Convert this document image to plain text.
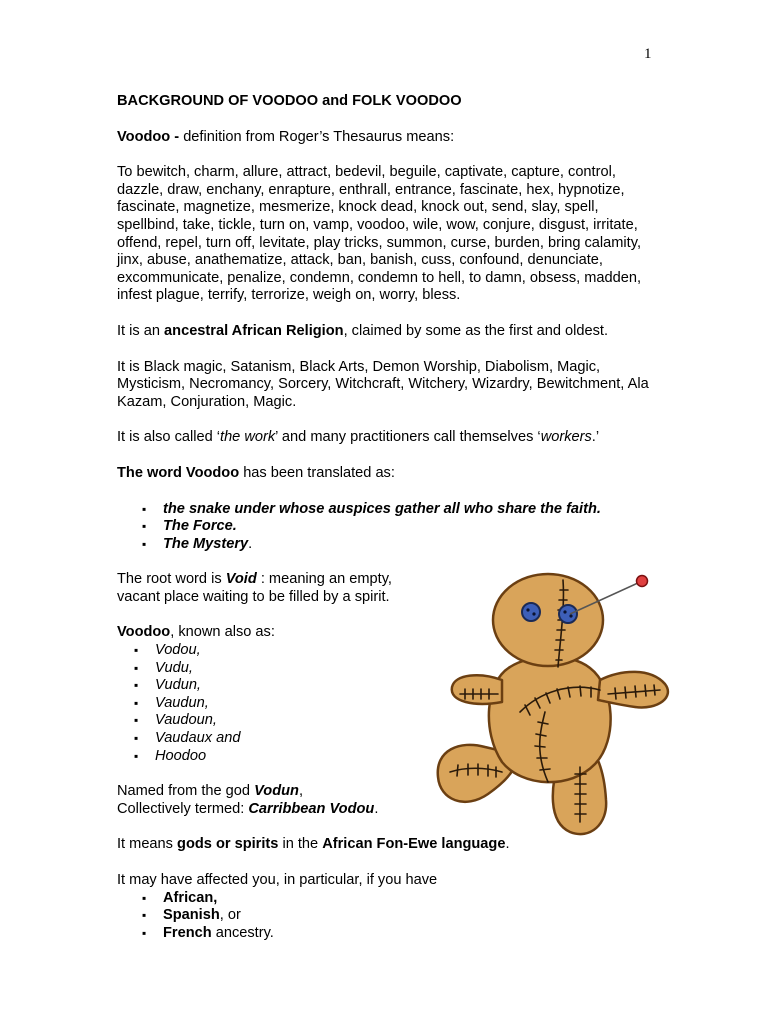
1
BACKGROUND OF VOODOO and FOLK VOODOO

Voodoo - definition from Roger’s Thesaurus means:

To bewitch, charm, allure, attract, bedevil, beguile, captivate, capture, control, dazzle, draw, enchany, enrapture, enthrall, entrance, fascinate, hex, hypnotize, fascinate, magnetize, mesmerize, knock dead, knock out, send, slay, spell, spellbind, take, tickle, turn on, vamp, voodoo, wile, wow, conjure, disgust, irritate, offend, repel, turn off, levitate, play tricks, summon, curse, burden, bring calamity, jinx, abuse, anathematize, attack, ban, banish, cuss, confound, denunciate, excommunicate, penalize, condemn, condemn to hell, to damn, obsess, madden, infest plague, terrify, terrorize, weigh on, worry, bless.

It is an ancestral African Religion, claimed by some as the first and oldest.

It is Black magic, Satanism, Black Arts, Demon Worship, Diabolism, Magic, Mysticism, Necromancy, Sorcery, Witchcraft, Witchery, Wizardry, Bewitchment, Ala Kazam, Conjuration, Magic.

It is also called ‘the work’ and many practitioners call themselves ‘workers.’

The word Voodoo has been translated as:

▪ the snake under whose auspices gather all who share the faith.
▪ The Force.
▪ The Mystery.

The root word is Void : meaning an empty,
vacant place waiting to be filled by a spirit.

Voodoo, known also as:
▪ Vodou,
▪ Vudu,
▪ Vudun,
▪ Vaudun,
▪ Vaudoun,
▪ Vaudaux and
▪ Hoodoo

Named from the god Vodun,
Collectively termed: Carribbean Vodou.

It means gods or spirits in the African Fon-Ewe language.

It may have affected you, in particular, if you have
▪ African,
▪ Spanish, or
▪ French ancestry.
